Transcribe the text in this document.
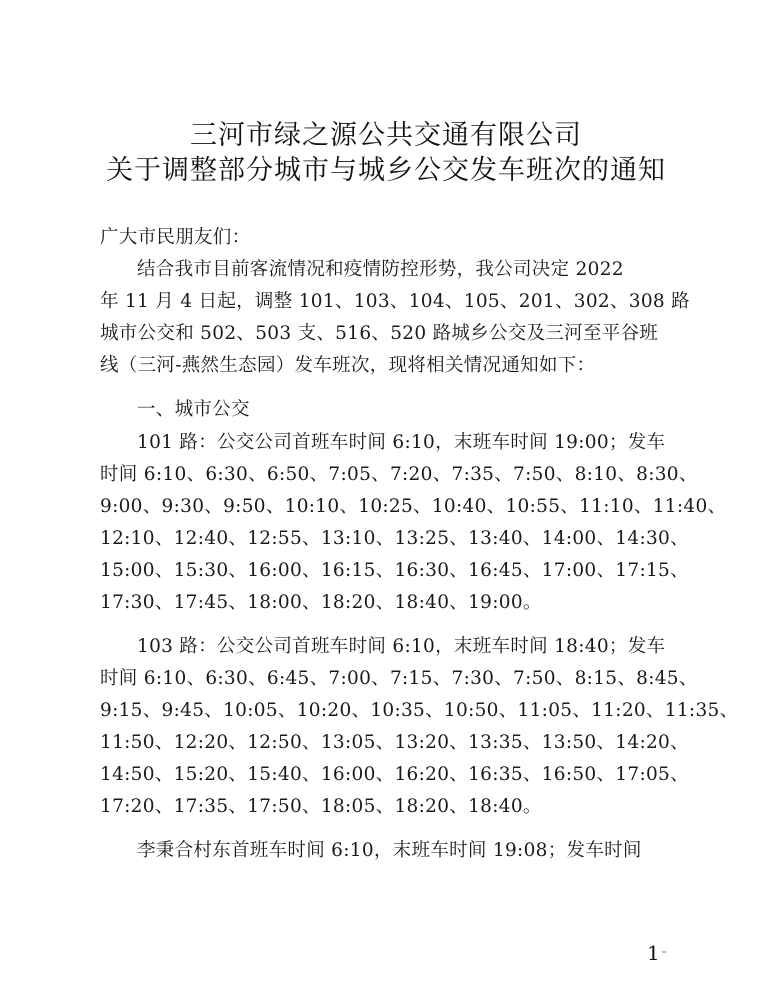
三河市绿之源公共交通有限公司
关于调整部分城市与城乡公交发车班次的通知
广大市民朋友们：
结合我市目前客流情况和疫情防控形势，我公司决定 2022
年 11 月 4 日起，调整 101、103、104、105、201、302、308 路
城市公交和 502、503 支、516、520 路城乡公交及三河至平谷班
线（三河-燕然生态园）发车班次，现将相关情况通知如下：
一、城市公交
101 路：公交公司首班车时间 6:10，末班车时间 19:00；发车
时间 6:10、6:30、6:50、7:05、7:20、7:35、7:50、8:10、8:30、
9:00、9:30、9:50、10:10、10:25、10:40、10:55、11:10、11:40、
12:10、12:40、12:55、13:10、13:25、13:40、14:00、14:30、
15:00、15:30、16:00、16:15、16:30、16:45、17:00、17:15、
17:30、17:45、18:00、18:20、18:40、19:00。
103 路：公交公司首班车时间 6:10，末班车时间 18:40；发车
时间 6:10、6:30、6:45、7:00、7:15、7:30、7:50、8:15、8:45、
9:15、9:45、10:05、10:20、10:35、10:50、11:05、11:20、11:35、
11:50、12:20、12:50、13:05、13:20、13:35、13:50、14:20、
14:50、15:20、15:40、16:00、16:20、16:35、16:50、17:05、
17:20、17:35、17:50、18:05、18:20、18:40。
李秉合村东首班车时间 6:10，末班车时间 19:08；发车时间
1
